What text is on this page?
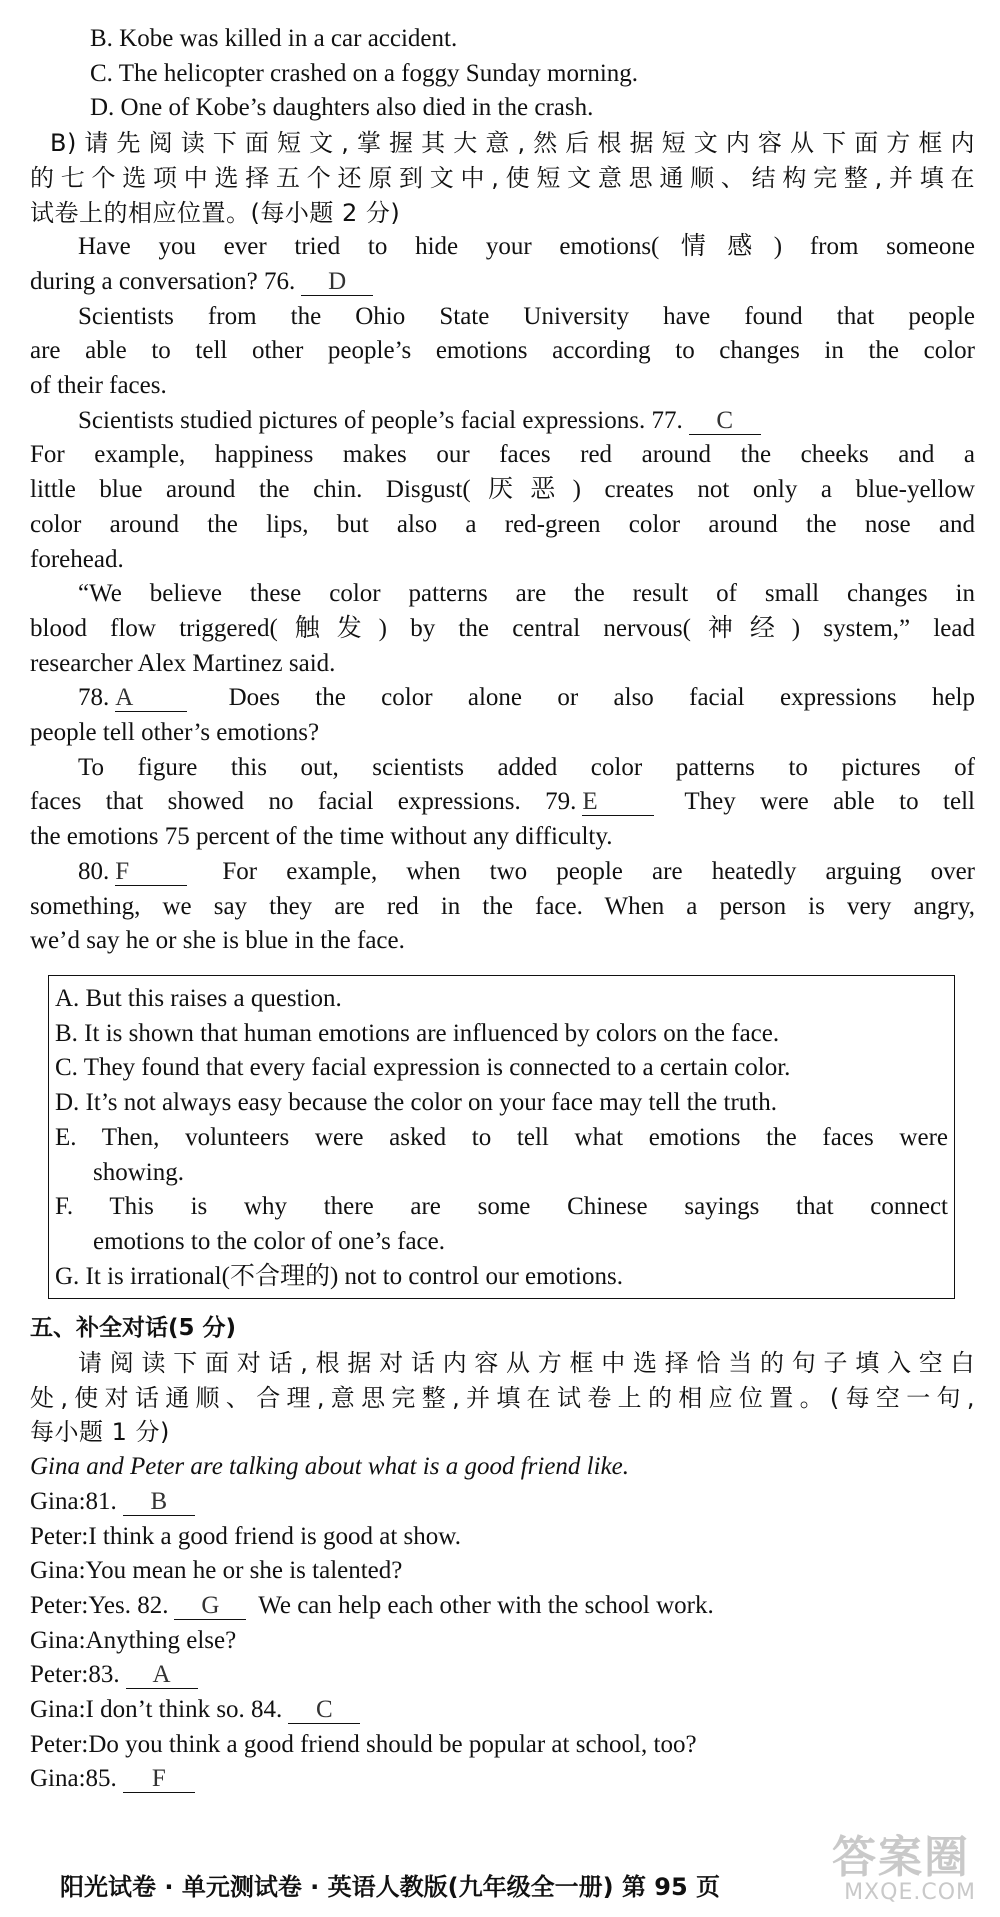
B. Kobe was killed in a car accident.
C. The helicopter crashed on a foggy Sunday morning.
D. One of Kobe’s daughters also died in the crash.
B)请先阅读下面短文,掌握其大意,然后根据短文内容从下面方框内
的七个选项中选择五个还原到文中,使短文意思通顺、结构完整,并填在
试卷上的相应位置。(每小题 2 分)
Have you ever tried to hide your emotions(情感) from someone
during a conversation? 76. D
Scientists from the Ohio State University have found that people
are able to tell other people’s emotions according to changes in the color
of their faces.
Scientists studied pictures of people’s facial expressions. 77. C
For example, happiness makes our faces red around the cheeks and a
little blue around the chin. Disgust(厌恶) creates not only a blue-yellow
color around the lips, but also a red-green color around the nose and
forehead.
“We believe these color patterns are the result of small changes in
blood flow triggered(触发) by the central nervous(神经) system,” lead
researcher Alex Martinez said.
78. A	Does the color alone or also facial expressions help
people tell other’s emotions?
To figure this out, scientists added color patterns to pictures of
faces that showed no facial expressions. 79. E	They were able to tell
the emotions 75 percent of the time without any difficulty.
80. F	For example, when two people are heatedly arguing over
something, we say they are red in the face. When a person is very angry,
we’d say he or she is blue in the face.
A. But this raises a question.
B. It is shown that human emotions are influenced by colors on the face.
C. They found that every facial expression is connected to a certain color.
D. It’s not always easy because the color on your face may tell the truth.
E. Then, volunteers were asked to tell what emotions the faces were
showing.
F. This is why there are some Chinese sayings that connect
emotions to the color of one’s face.
G. It is irrational(不合理的) not to control our emotions.
五、补全对话(5 分)
请阅读下面对话,根据对话内容从方框中选择恰当的句子填入空白
处,使对话通顺、合理,意思完整,并填在试卷上的相应位置。(每空一句,
每小题 1 分)
Gina and Peter are talking about what is a good friend like.
Gina:81. B
Peter:I think a good friend is good at show.
Gina:You mean he or she is talented?
Peter:Yes. 82. G We can help each other with the school work.
Gina:Anything else?
Peter:83. A
Gina:I don’t think so. 84. C
Peter:Do you think a good friend should be popular at school, too?
Gina:85. F
阳光试卷 · 单元测试卷 · 英语人教版(九年级全一册) 第 95 页
答案圈
MXQE.COM
